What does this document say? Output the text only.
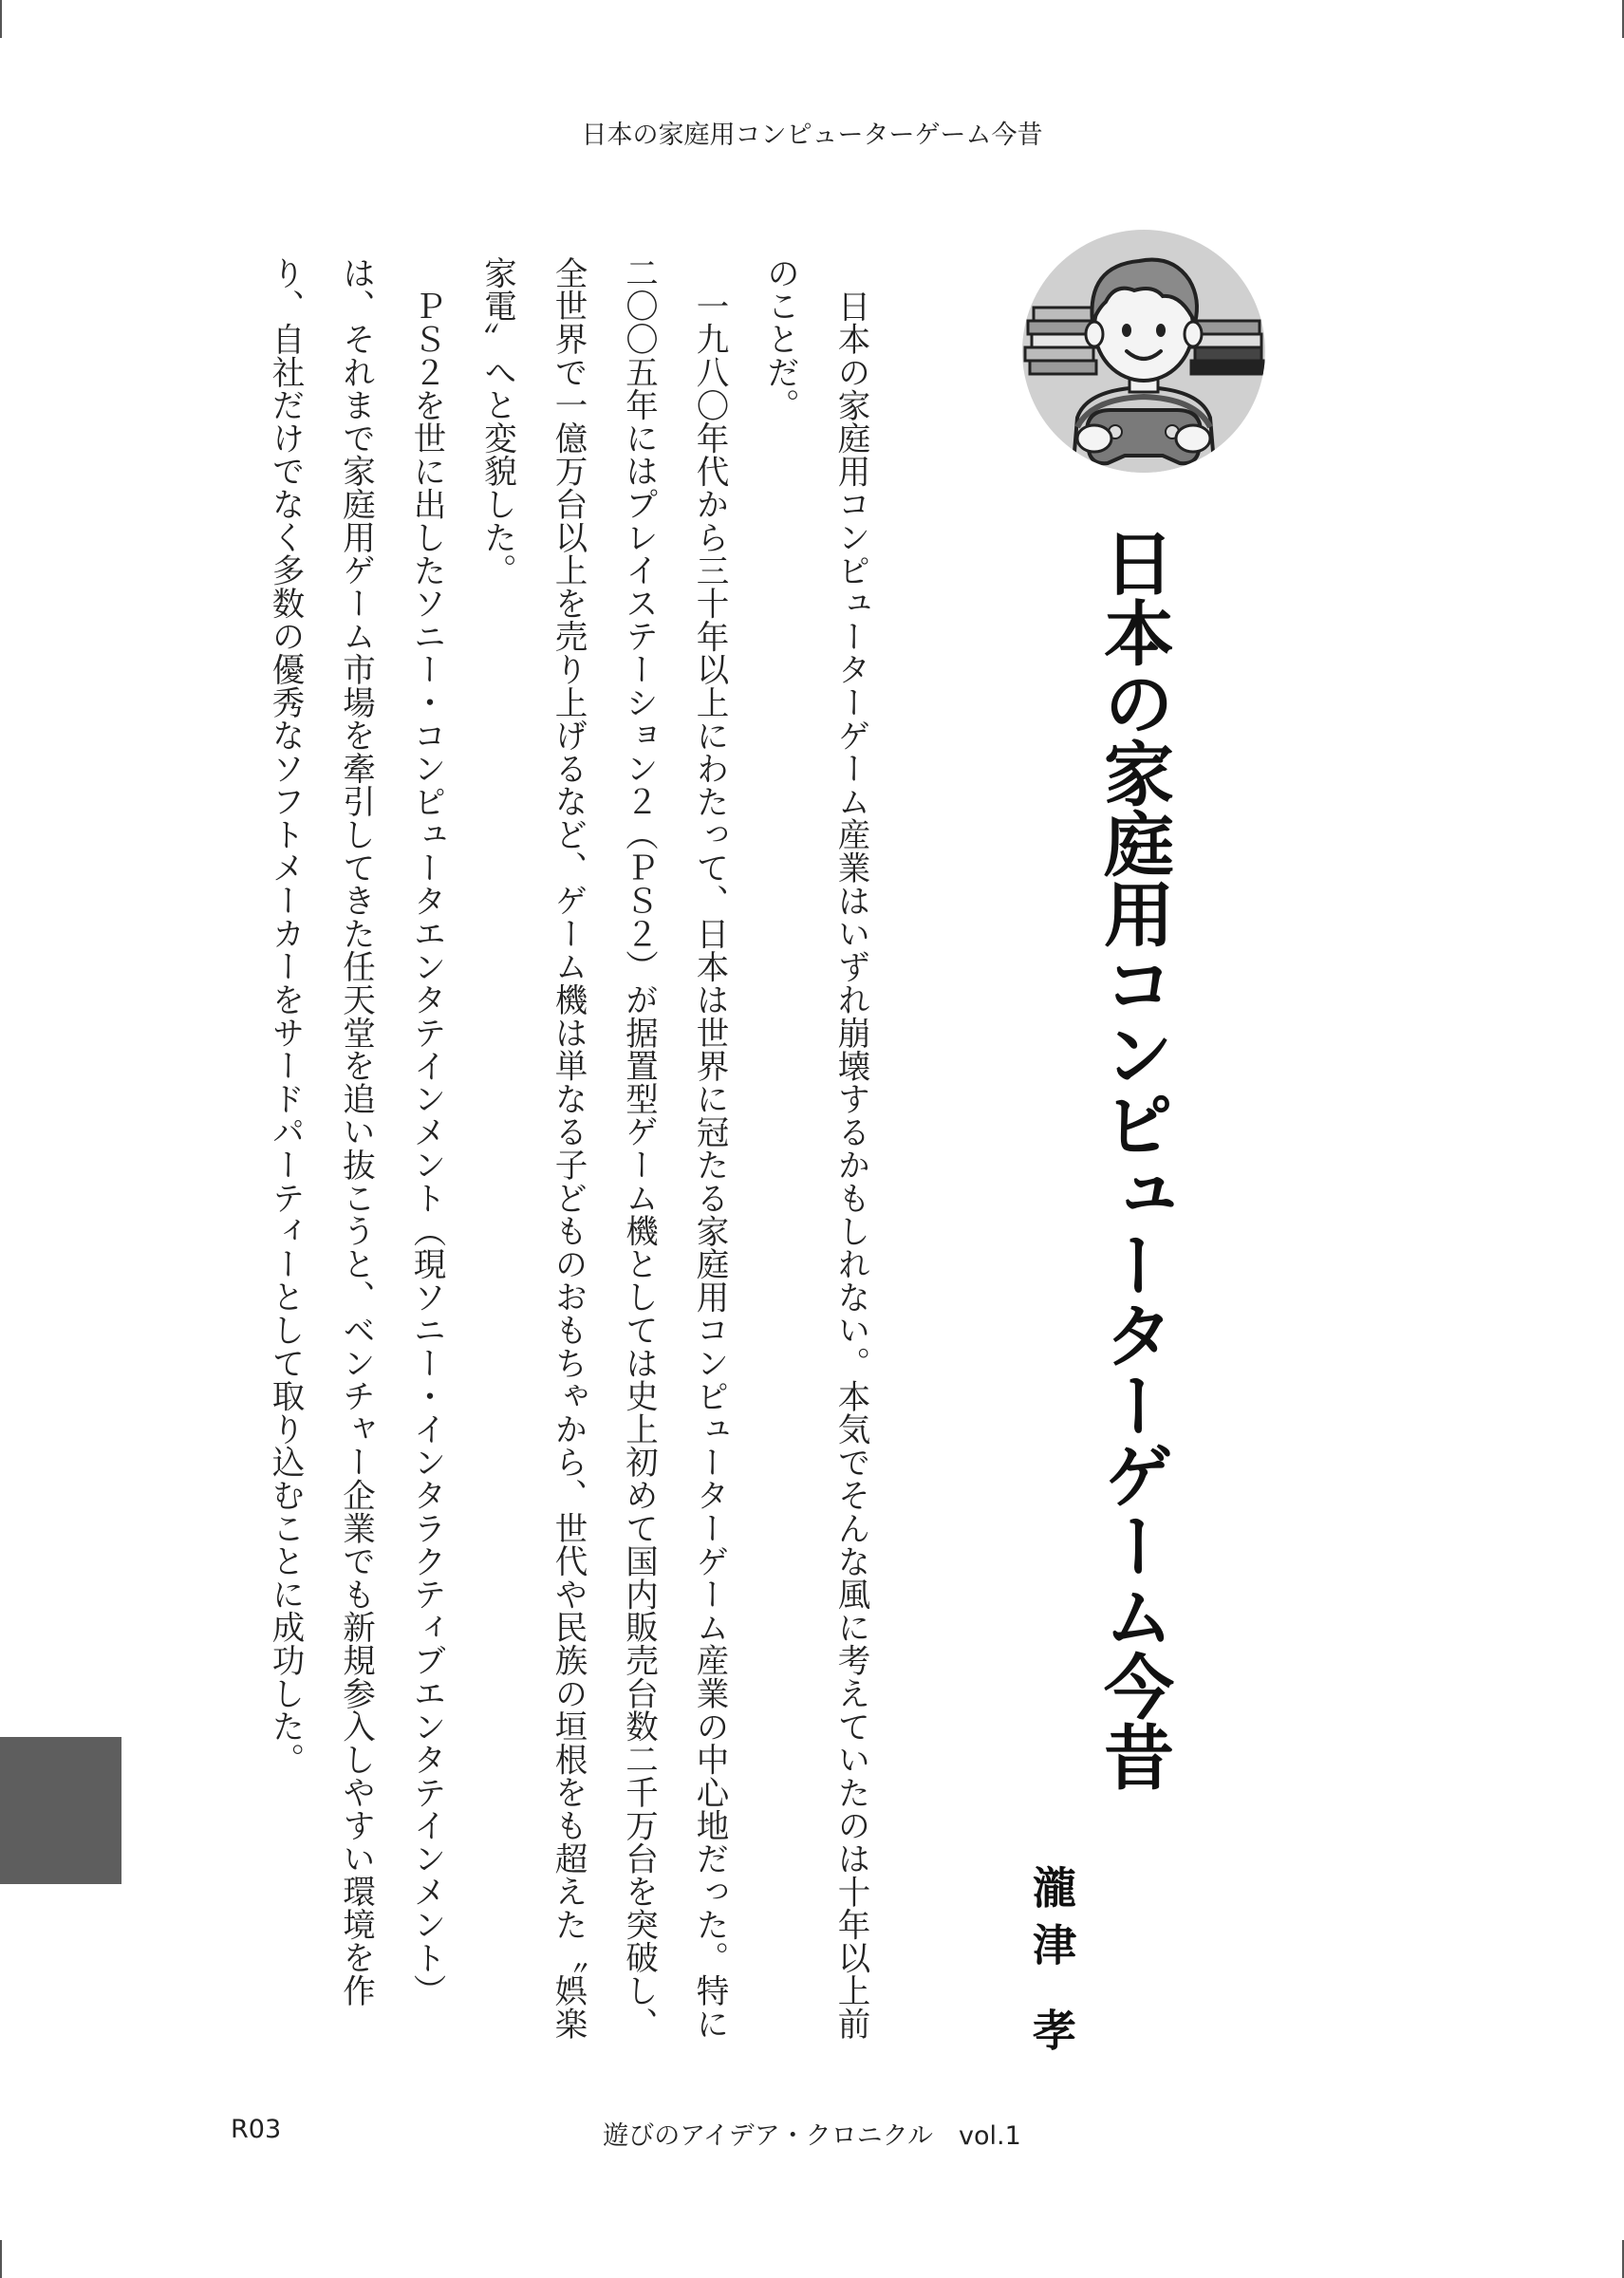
日本の家庭用コンピューターゲーム今昔
日本の家庭用コンピューターゲーム今昔
瀧津 孝

日本の家庭用コンピューターゲーム産業はいずれ崩壊するかもしれない。本気でそんな風に考えていたのは十年以上前のことだ。

一九八〇年代から三十年以上にわたって、日本は世界に冠たる家庭用コンピューターゲーム産業の中心地だった。特に二〇〇五年にはプレイステーション２（ＰＳ２）が据置型ゲーム機としては史上初めて国内販売台数二千万台を突破し、全世界で一億万台以上を売り上げるなど、ゲーム機は単なる子どものおもちゃから、世代や民族の垣根をも超えた〝娯楽家電〟へと変貌した。

ＰＳ２を世に出したソニー・コンピュータエンタテインメント（現ソニー・インタラクティブエンタテインメント）は、それまで家庭用ゲーム市場を牽引してきた任天堂を追い抜こうと、ベンチャー企業でも新規参入しやすい環境を作り、自社だけでなく多数の優秀なソフトメーカーをサードパーティーとして取り込むことに成功した。

R03	遊びのアイデア・クロニクル　vol.1
